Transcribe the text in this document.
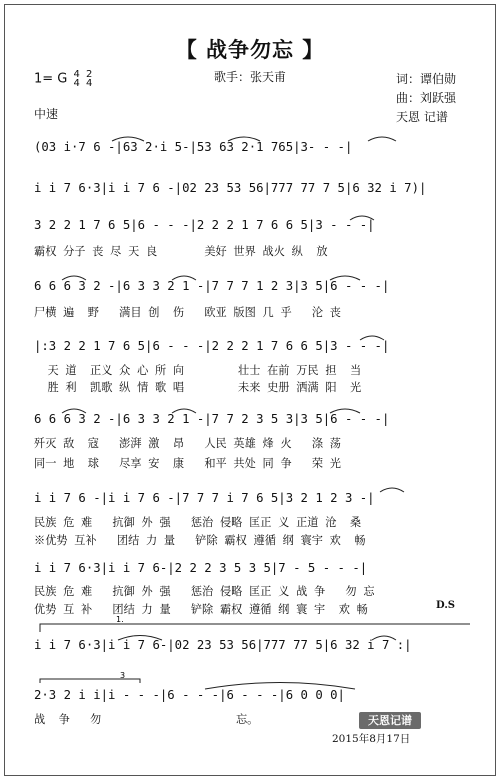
【 战争勿忘 】
歌手：张天甫
1= G 4
4 2
4
中速
词：谭伯勋
曲：刘跃强
天恩 记谱
(03 i·7 6 -|63 2·i 5-|53 63 2·1 765|3- - -|
i i 7 6·3|i i 7 6 -|02 23 53 56|777 77 7 5|6 32 i 7)|
3 2 2 1 7 6 5|6 - - -|2 2 2 1 7 6 6 5|3 - - -|
霸权 分子 丧 尽 天 良       美好 世界 战火 纵  放
6 6 6 3 2 -|6 3 3 2 1 -|7 7 7 1 2 3|3 5|6 - - -|
尸横 遍  野   满目 创  伤   欧亚 版图 几 乎   沦 丧
|:3 2 2 1 7 6 5|6 - - -|2 2 2 1 7 6 6 5|3 - - -|
天 道  正义 众 心 所 向        壮士 在前 万民 担  当
胜 利  凯歌 纵 情 歌 唱        未来 史册 洒满 阳  光
6 6 6 3 2 -|6 3 3 2 1 -|7 7 2 3 5 3|3 5|6 - - -|
歼灭 敌  寇   澎湃 激  昂   人民 英雄 烽 火   涤 荡
同一 地  球   尽享 安  康   和平 共处 同 争   荣 光
i i 7 6 -|i i 7 6 -|7 7 7 i 7 6 5|3 2 1 2 3 -|
民族 危 难   抗御 外 强   惩治 侵略 匡正 义 正道 沧  桑
※优势 互补   团结 力 量   铲除 霸权 遵循 纲 寰宇 欢  畅
i i 7 6·3|i i 7 6-|2 2 2 3 5 3 5|7 - 5 - - -|
民族 危 难   抗御 外 强   惩治 侵略 匡正 义 战 争   勿 忘
优势 互 补   团结 力 量   铲除 霸权 遵循 纲 寰 宇  欢 畅	D.S
i i 7 6·3|i i 7 6-|02 23 53 56|777 77 5|6 32 i 7 :|
2·3 2 i i|i - - -|6 - - -|6 - - -|6 0 0 0|
战  争   勿                    忘。
3
1.
天恩记谱
2015年8月17日
